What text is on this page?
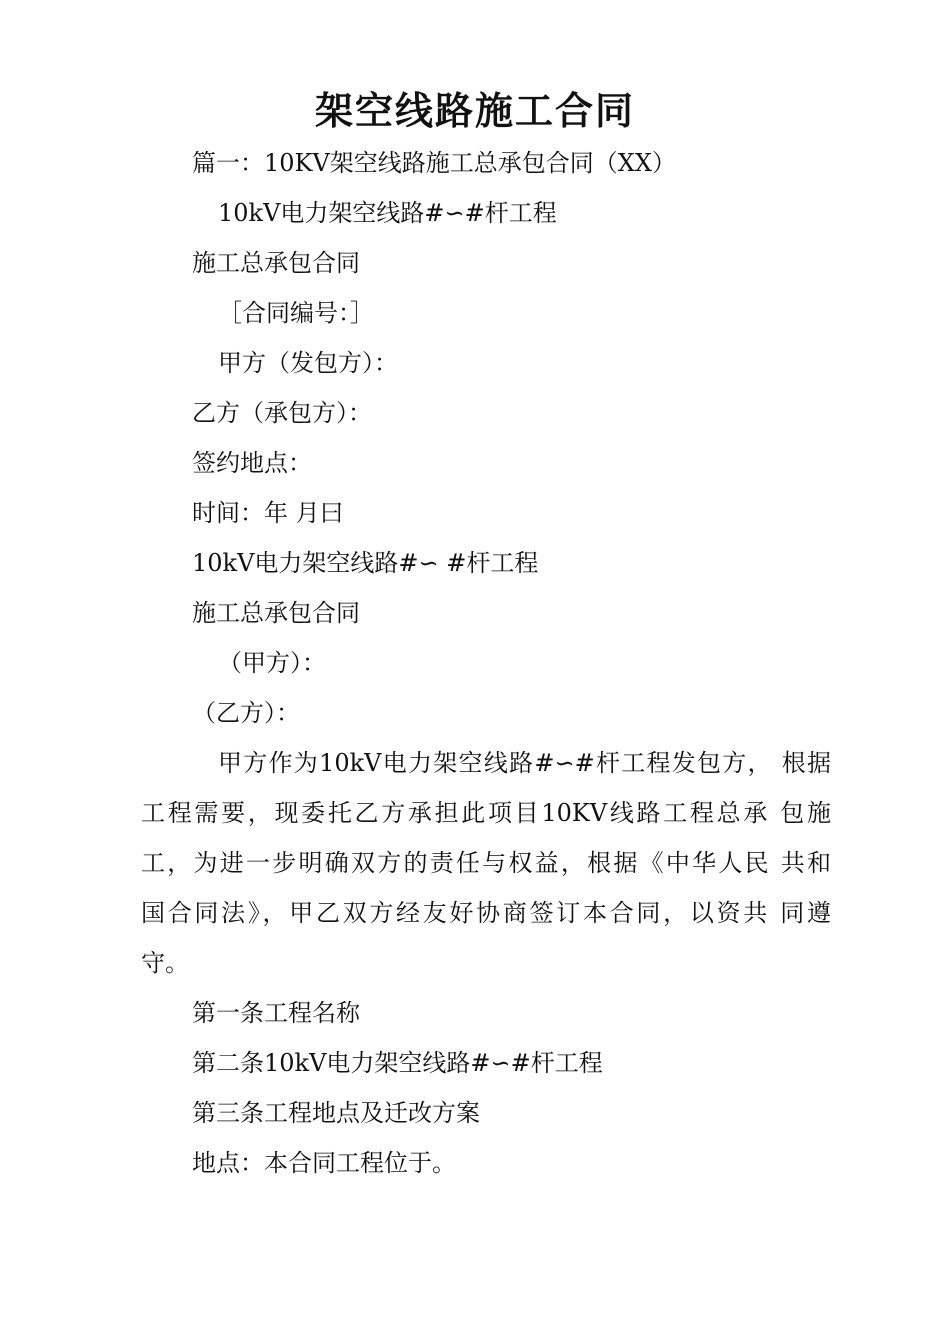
架空线路施工合同
篇一：10KV架空线路施工总承包合同（XX）
10kV电力架空线路#∽#杆工程
施工总承包合同
［合同编号：］
甲方（发包方）：
乙方（承包方）：
签约地点：
时间：年 月曰
10kV电力架空线路#∽ #杆工程
施工总承包合同
（甲方）：
（乙方）：
甲方作为10kV电力架空线路#∽#杆工程发包方， 根据
工程需要，现委托乙方承担此项目10KV线路工程总承 包施
工，为进一步明确双方的责任与权益，根据《中华人民 共和
国合同法》，甲乙双方经友好协商签订本合同，以资共 同遵
守。
第一条工程名称
第二条10kV电力架空线路#∽#杆工程
第三条工程地点及迁改方案
地点：本合同工程位于。
